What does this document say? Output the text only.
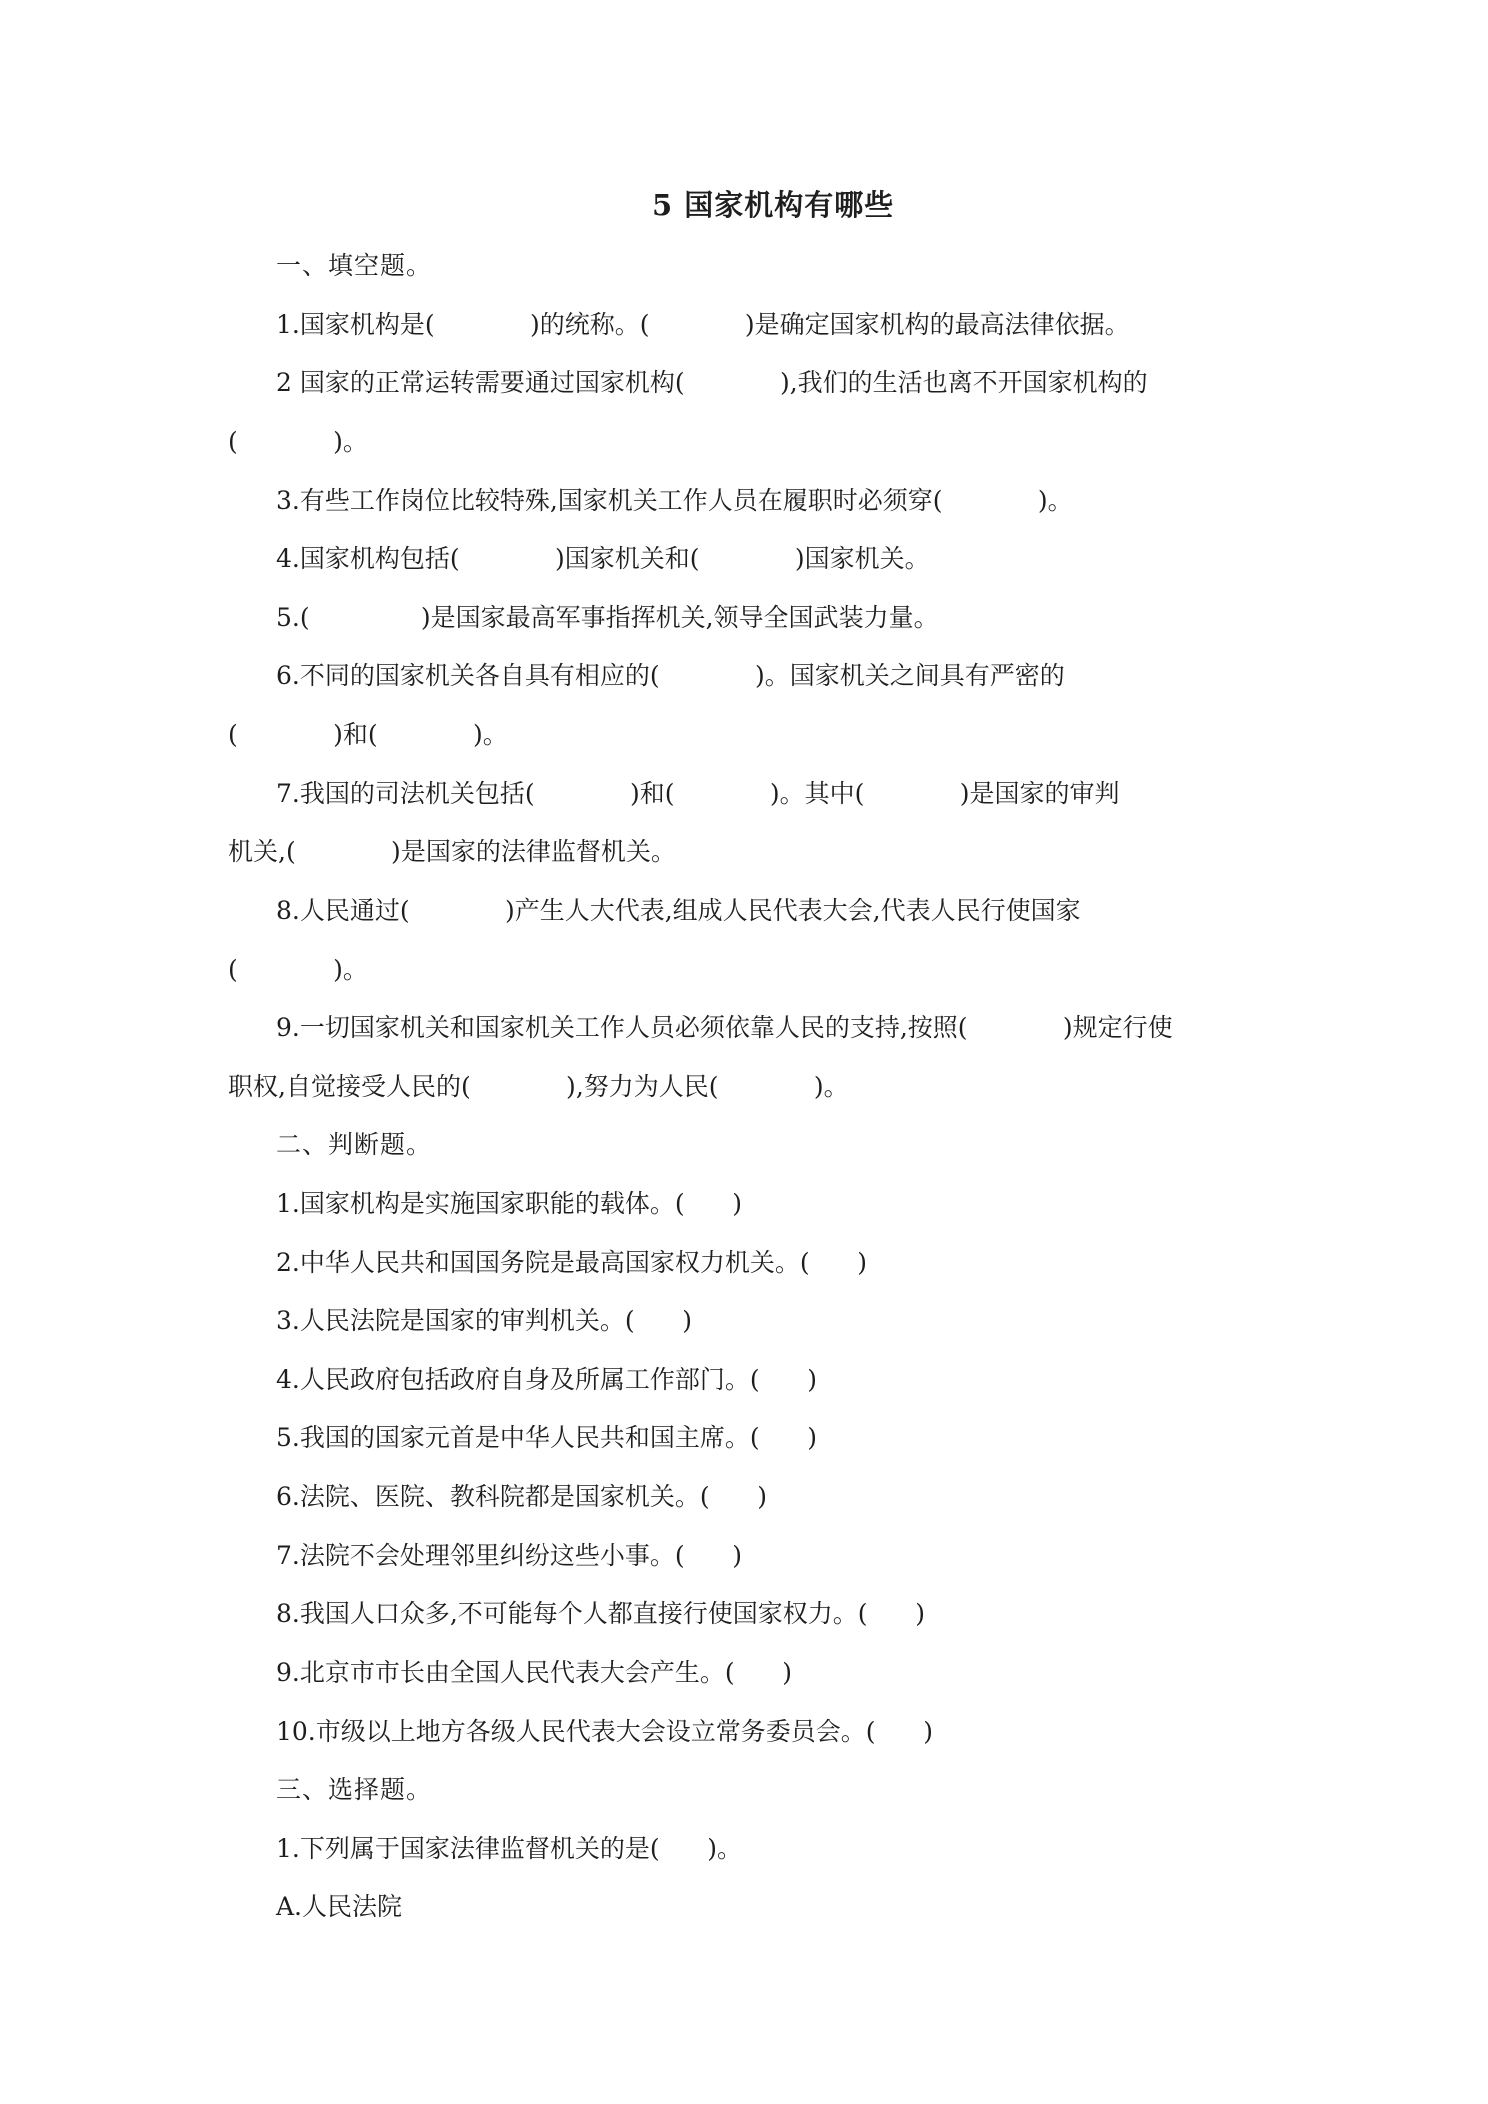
5 国家机构有哪些
一、填空题。
1.国家机构是(            )的统称。(            )是确定国家机构的最高法律依据。
2 国家的正常运转需要通过国家机构(            ),我们的生活也离不开国家机构的
(            )。
3.有些工作岗位比较特殊,国家机关工作人员在履职时必须穿(            )。
4.国家机构包括(            )国家机关和(            )国家机关。
5.(              )是国家最高军事指挥机关,领导全国武装力量。
6.不同的国家机关各自具有相应的(            )。国家机关之间具有严密的
(            )和(            )。
7.我国的司法机关包括(            )和(            )。其中(            )是国家的审判
机关,(            )是国家的法律监督机关。
8.人民通过(            )产生人大代表,组成人民代表大会,代表人民行使国家
(            )。
9.一切国家机关和国家机关工作人员必须依靠人民的支持,按照(            )规定行使
职权,自觉接受人民的(            ),努力为人民(            )。
二、判断题。
1.国家机构是实施国家职能的载体。(      )
2.中华人民共和国国务院是最高国家权力机关。(      )
3.人民法院是国家的审判机关。(      )
4.人民政府包括政府自身及所属工作部门。(      )
5.我国的国家元首是中华人民共和国主席。(      )
6.法院、医院、教科院都是国家机关。(      )
7.法院不会处理邻里纠纷这些小事。(      )
8.我国人口众多,不可能每个人都直接行使国家权力。(      )
9.北京市市长由全国人民代表大会产生。(      )
10.市级以上地方各级人民代表大会设立常务委员会。(      )
三、选择题。
1.下列属于国家法律监督机关的是(      )。
A.人民法院
